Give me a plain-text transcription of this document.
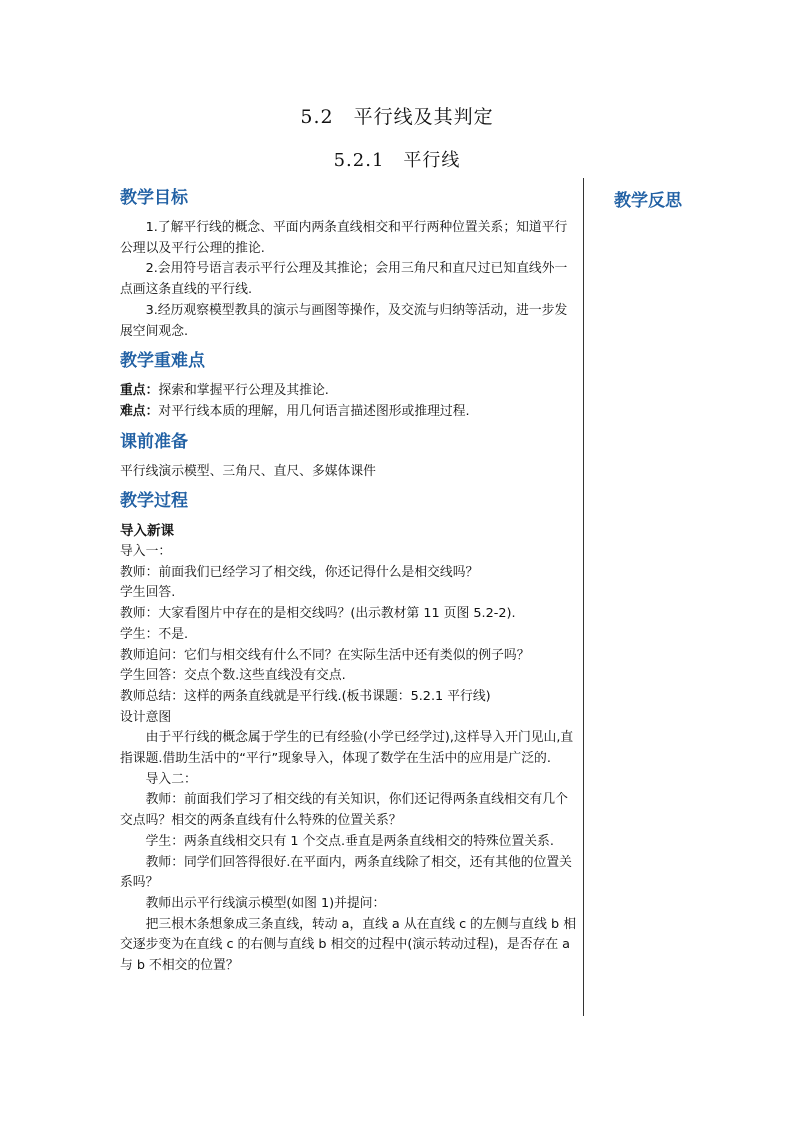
5.2　平行线及其判定
5.2.1　平行线
教学反思
教学目标

1.了解平行线的概念、平面内两条直线相交和平行两种位置关系；知道平行公理以及平行公理的推论.

2.会用符号语言表示平行公理及其推论；会用三角尺和直尺过已知直线外一点画这条直线的平行线.

3.经历观察模型教具的演示与画图等操作，及交流与归纳等活动，进一步发展空间观念.

教学重难点

重点：探索和掌握平行公理及其推论.

难点：对平行线本质的理解，用几何语言描述图形或推理过程.

课前准备

平行线演示模型、三角尺、直尺、多媒体课件

教学过程

导入新课

导入一：

教师：前面我们已经学习了相交线，你还记得什么是相交线吗？

学生回答.

教师：大家看图片中存在的是相交线吗？(出示教材第 11 页图 5.2-2).

学生：不是.

教师追问：它们与相交线有什么不同？在实际生活中还有类似的例子吗？

学生回答：交点个数.这些直线没有交点.

教师总结：这样的两条直线就是平行线.(板书课题：5.2.1 平行线)

设计意图

由于平行线的概念属于学生的已有经验(小学已经学过),这样导入开门见山,直指课题.借助生活中的“平行”现象导入，体现了数学在生活中的应用是广泛的.

导入二：

教师：前面我们学习了相交线的有关知识，你们还记得两条直线相交有几个交点吗？相交的两条直线有什么特殊的位置关系？

学生：两条直线相交只有 1 个交点.垂直是两条直线相交的特殊位置关系.

教师：同学们回答得很好.在平面内，两条直线除了相交，还有其他的位置关系吗？

教师出示平行线演示模型(如图 1)并提问：

把三根木条想象成三条直线，转动 a，直线 a 从在直线 c 的左侧与直线 b 相交逐步变为在直线 c 的右侧与直线 b 相交的过程中(演示转动过程)，是否存在 a 与 b 不相交的位置？
